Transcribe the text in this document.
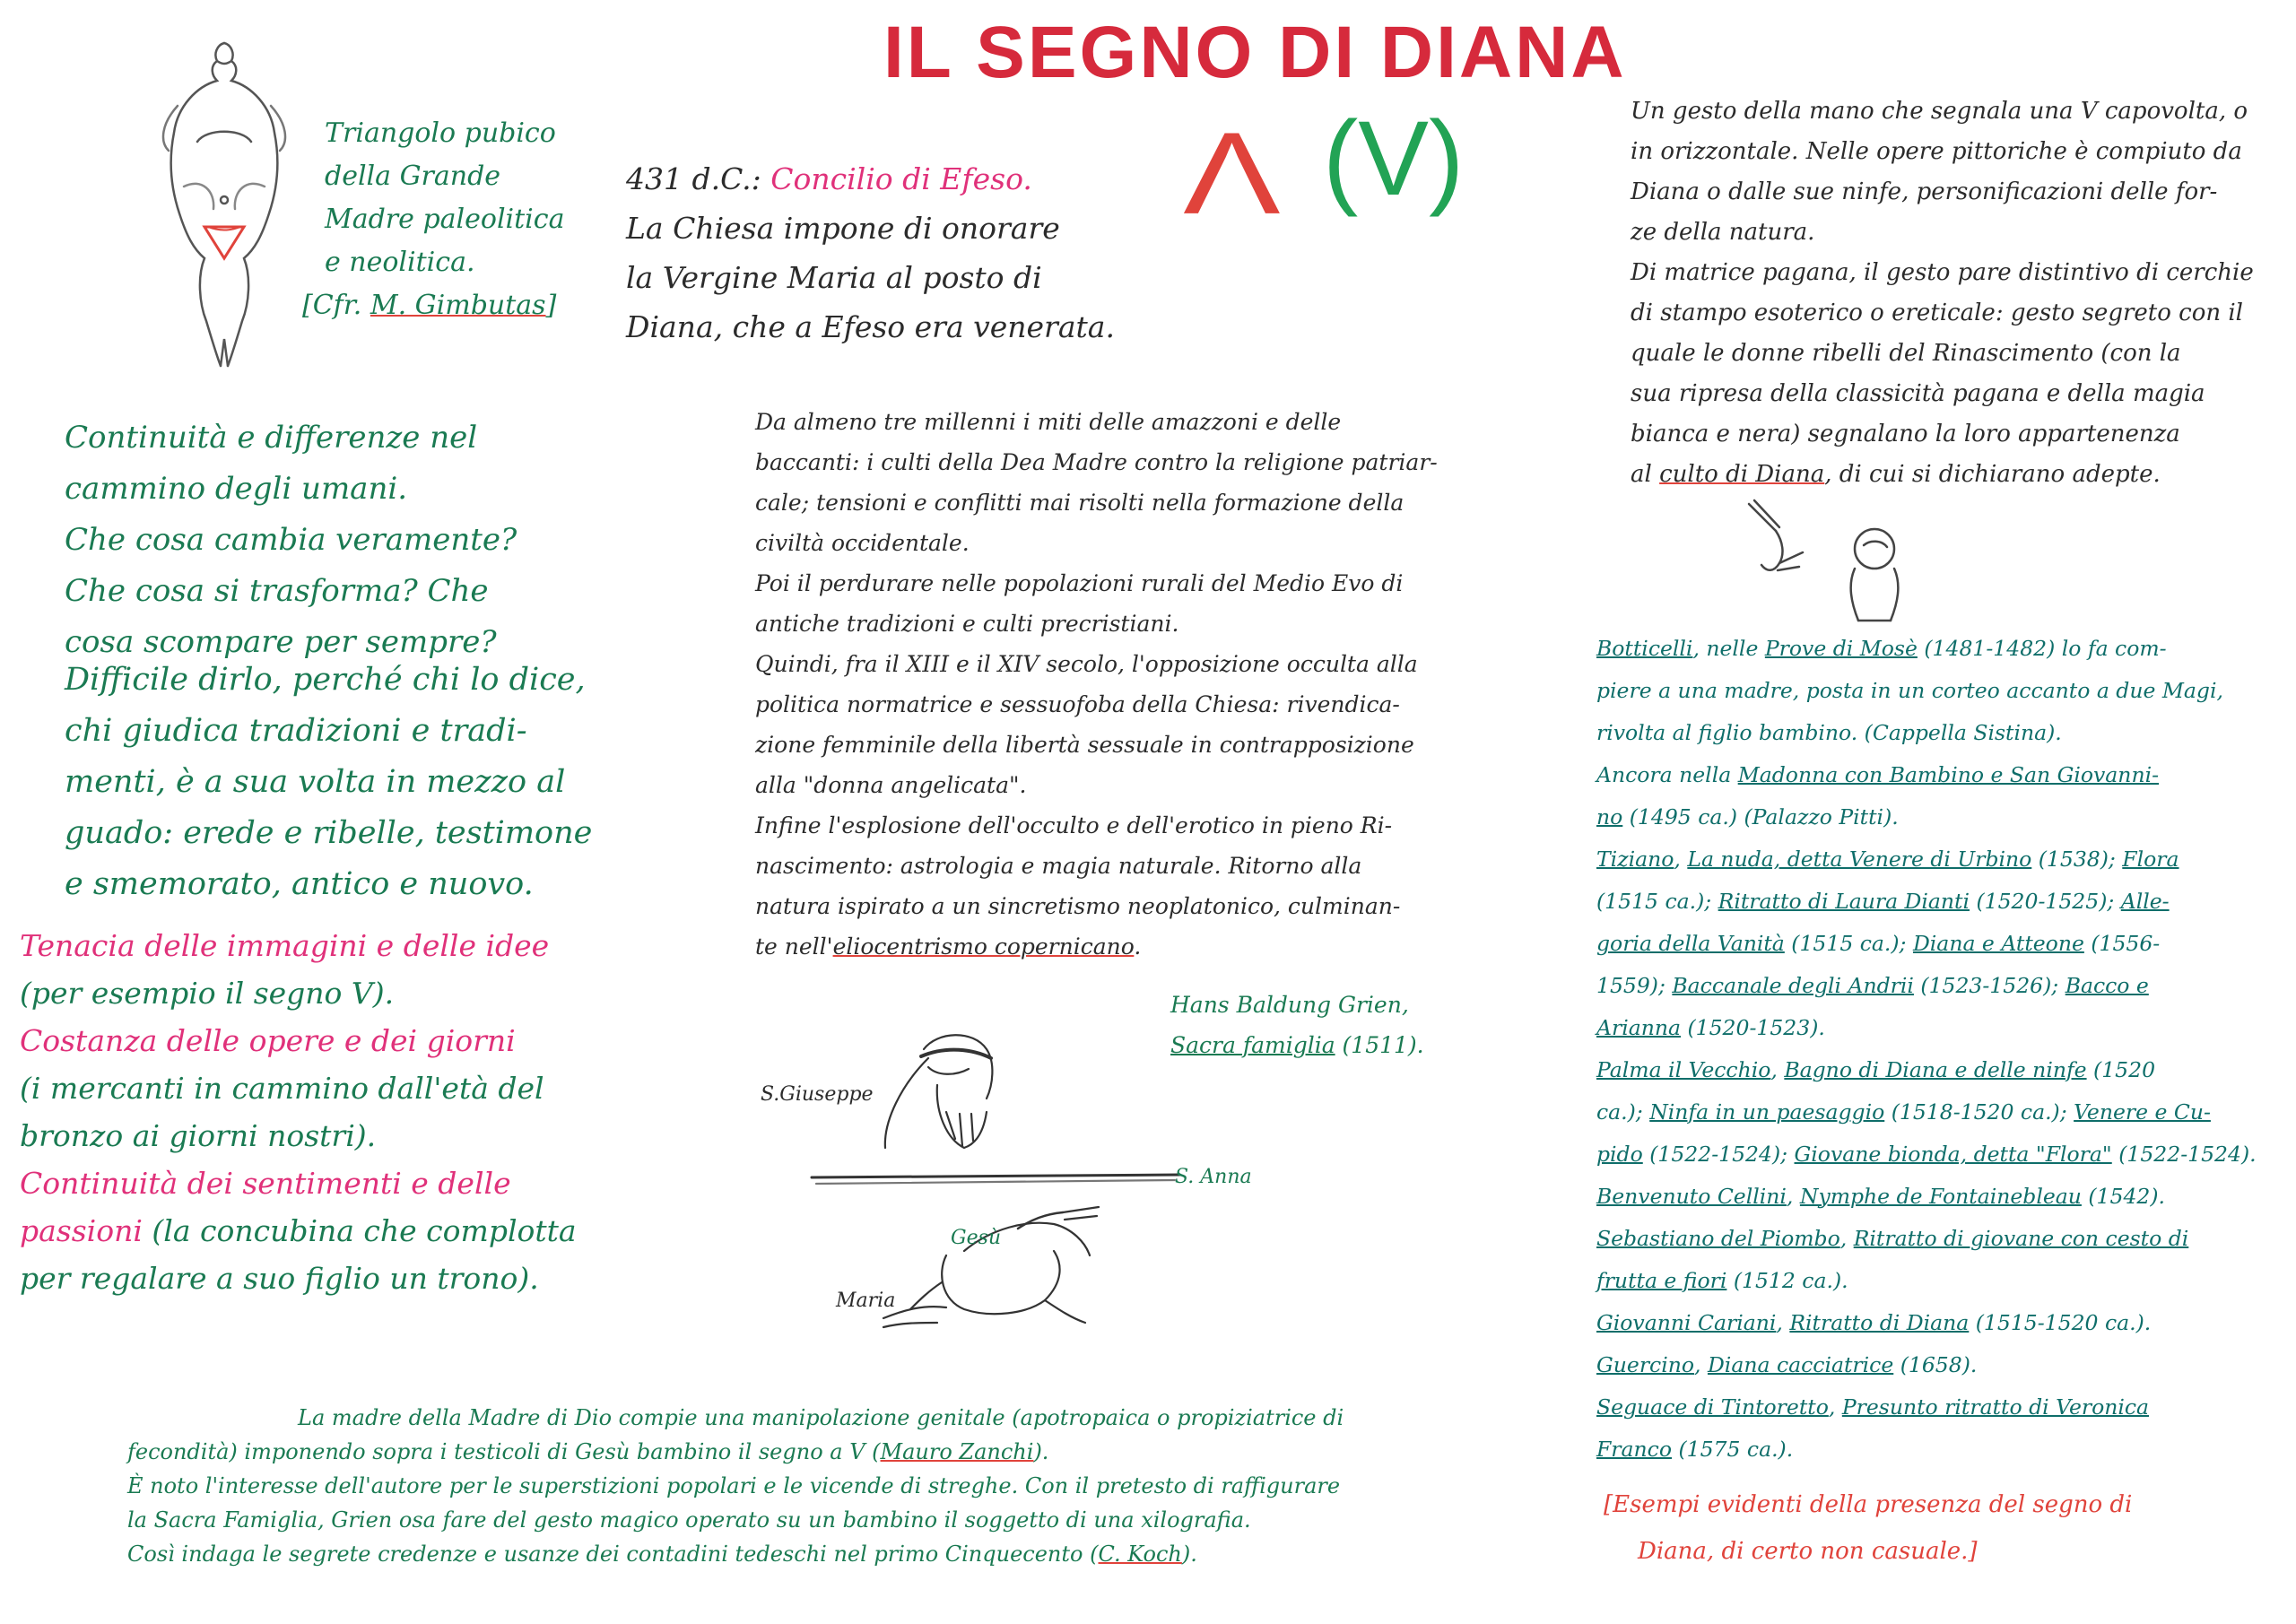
IL SEGNO DI DIANA
Λ (V)

Triangolo pubico

della Grande

Madre paleolitica

e neolitica.

[Cfr. M. Gimbutas]

431 d.C.: Concilio di Efeso.

La Chiesa impone di onorare

la Vergine Maria al posto di

Diana, che a Efeso era venerata.

Un gesto della mano che segnala una V capovolta, o

in orizzontale. Nelle opere pittoriche è compiuto da

Diana o dalle sue ninfe, personificazioni delle for-

ze della natura.

Di matrice pagana, il gesto pare distintivo di cerchie

di stampo esoterico o ereticale: gesto segreto con il

quale le donne ribelli del Rinascimento (con la

sua ripresa della classicità pagana e della magia

bianca e nera) segnalano la loro appartenenza

al culto di Diana, di cui si dichiarano adepte.

Continuità e differenze nel

cammino degli umani.

Che cosa cambia veramente?

Che cosa si trasforma? Che

cosa scompare per sempre?

Difficile dirlo, perché chi lo dice,

chi giudica tradizioni e tradi-

menti, è a sua volta in mezzo al

guado: erede e ribelle, testimone

e smemorato, antico e nuovo.

Tenacia delle immagini e delle idee

(per esempio il segno V).

Costanza delle opere e dei giorni

(i mercanti in cammino dall'età del

bronzo ai giorni nostri).

Continuità dei sentimenti e delle

passioni (la concubina che complotta

per regalare a suo figlio un trono).

Da almeno tre millenni i miti delle amazzoni e delle

baccanti: i culti della Dea Madre contro la religione patriar-

cale; tensioni e conflitti mai risolti nella formazione della

civiltà occidentale.

Poi il perdurare nelle popolazioni rurali del Medio Evo di

antiche tradizioni e culti precristiani.

Quindi, fra il XIII e il XIV secolo, l'opposizione occulta alla

politica normatrice e sessuofoba della Chiesa: rivendica-

zione femminile della libertà sessuale in contrapposizione

alla "donna angelicata".

Infine l'esplosione dell'occulto e dell'erotico in pieno Ri-

nascimento: astrologia e magia naturale. Ritorno alla

natura ispirato a un sincretismo neoplatonico, culminan-

te nell'eliocentrismo copernicano.

Hans Baldung Grien,

Sacra famiglia (1511).

S.Giuseppe
S. Anna
Gesù
Maria

La madre della Madre di Dio compie una manipolazione genitale (apotropaica o propiziatrice di

fecondità) imponendo sopra i testicoli di Gesù bambino il segno a V (Mauro Zanchi).

È noto l'interesse dell'autore per le superstizioni popolari e le vicende di streghe. Con il pretesto di raffigurare

la Sacra Famiglia, Grien osa fare del gesto magico operato su un bambino il soggetto di una xilografia.

Così indaga le segrete credenze e usanze dei contadini tedeschi nel primo Cinquecento (C. Koch).

Botticelli, nelle Prove di Mosè (1481-1482) lo fa com-

piere a una madre, posta in un corteo accanto a due Magi,

rivolta al figlio bambino. (Cappella Sistina).

Ancora nella Madonna con Bambino e San Giovanni-

no (1495 ca.) (Palazzo Pitti).

Tiziano, La nuda, detta Venere di Urbino (1538); Flora

(1515 ca.); Ritratto di Laura Dianti (1520-1525); Alle-

goria della Vanità (1515 ca.); Diana e Atteone (1556-

1559); Baccanale degli Andrii (1523-1526); Bacco e

Arianna (1520-1523).

Palma il Vecchio, Bagno di Diana e delle ninfe (1520

ca.); Ninfa in un paesaggio (1518-1520 ca.); Venere e Cu-

pido (1522-1524); Giovane bionda, detta "Flora" (1522-1524).

Benvenuto Cellini, Nymphe de Fontainebleau (1542).

Sebastiano del Piombo, Ritratto di giovane con cesto di

frutta e fiori (1512 ca.).

Giovanni Cariani, Ritratto di Diana (1515-1520 ca.).

Guercino, Diana cacciatrice (1658).

Seguace di Tintoretto, Presunto ritratto di Veronica

Franco (1575 ca.).

[Esempi evidenti della presenza del segno di

Diana, di certo non casuale.]
